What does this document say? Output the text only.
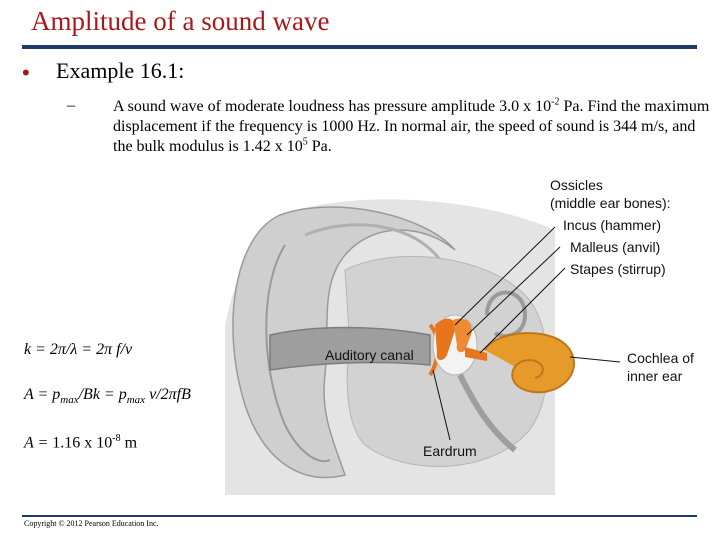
Amplitude of a sound wave
• Example 16.1:
– A sound wave of moderate loudness has pressure amplitude 3.0 x $10^{-2}$ Pa. Find the maximum displacement if the frequency is 1000 Hz. In normal air, the speed of sound is 344 m/s, and the bulk modulus is 1.42 x $10^5$ Pa.
Ossicles
(middle ear bones):
Incus (hammer)
Malleus (anvil)
Stapes (stirrup)
Cochlea of
inner ear
Auditory canal
Eardrum
k = 2π/λ = 2π f/v
$A = p_{max}/Bk = p_{max}$ v/2πfB
A = 1.16 x $10^{-8}$ m
Copyright © 2012 Pearson Education Inc.
